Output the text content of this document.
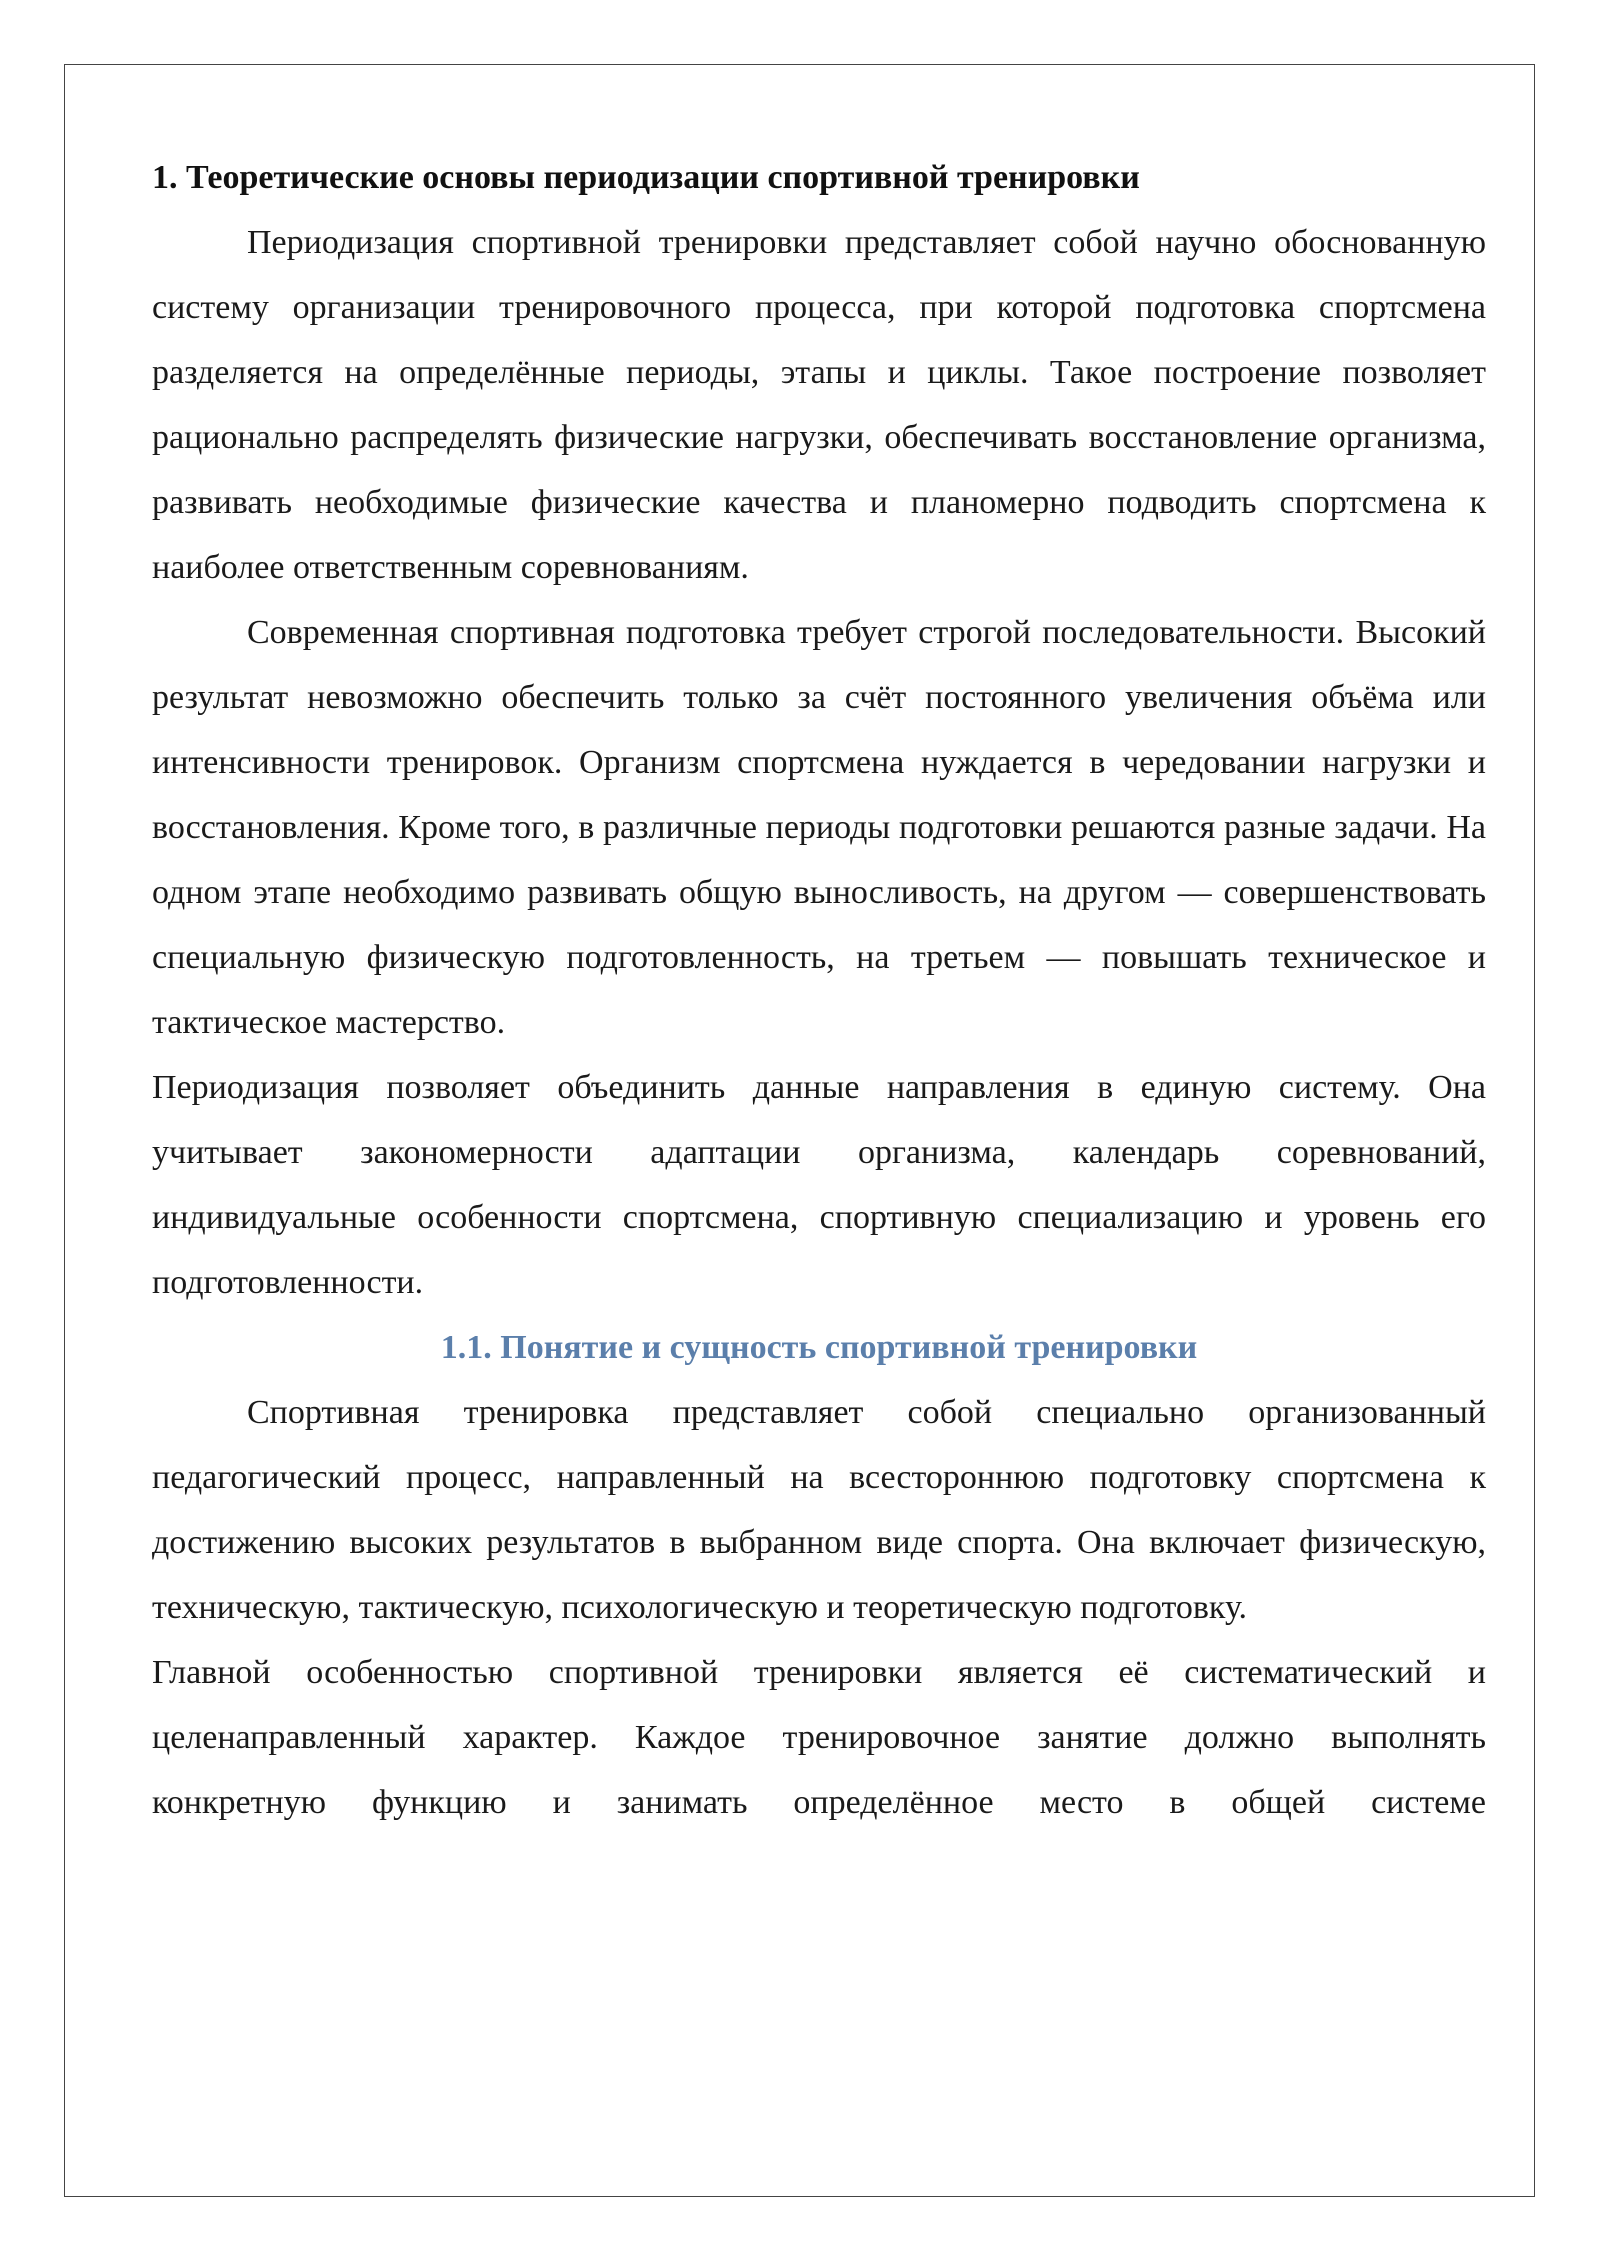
1. Теоретические основы периодизации спортивной тренировки

Периодизация спортивной тренировки представляет собой научно обоснованную систему организации тренировочного процесса, при которой подготовка спортсмена разделяется на определённые периоды, этапы и циклы. Такое построение позволяет рационально распределять физические нагрузки, обеспечивать восстановление организма, развивать необходимые физические качества и планомерно подводить спортсмена к наиболее ответственным соревнованиям.

Современная спортивная подготовка требует строгой последовательности. Высокий результат невозможно обеспечить только за счёт постоянного увеличения объёма или интенсивности тренировок. Организм спортсмена нуждается в чередовании нагрузки и восстановления. Кроме того, в различные периоды подготовки решаются разные задачи. На одном этапе необходимо развивать общую выносливость, на другом — совершенствовать специальную физическую подготовленность, на третьем — повышать техническое и тактическое мастерство.

Периодизация позволяет объединить данные направления в единую систему. Она учитывает закономерности адаптации организма, календарь соревнований, индивидуальные особенности спортсмена, спортивную специализацию и уровень его подготовленности.

1.1. Понятие и сущность спортивной тренировки

Спортивная тренировка представляет собой специально организованный педагогический процесс, направленный на всестороннюю подготовку спортсмена к достижению высоких результатов в выбранном виде спорта. Она включает физическую, техническую, тактическую, психологическую и теоретическую подготовку.

Главной особенностью спортивной тренировки является её систематический и целенаправленный характер. Каждое тренировочное занятие должно выполнять конкретную функцию и занимать определённое место в общей системе
